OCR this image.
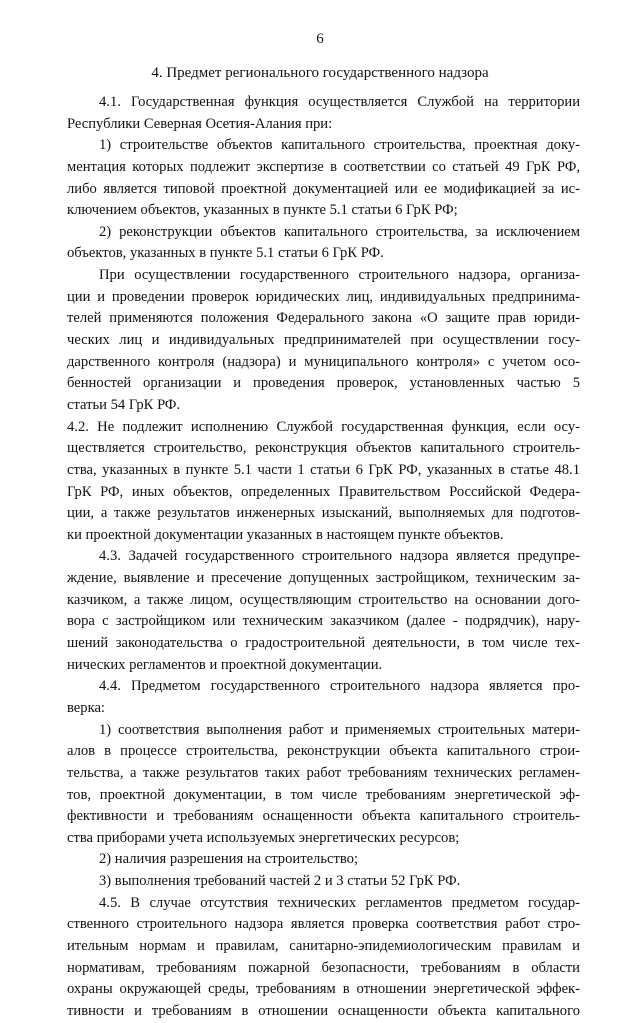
6
4. Предмет регионального государственного надзора
4.1. Государственная функция осуществляется Службой на территории
Республики Северная Осетия-Алания при:
1) строительстве объектов капитального строительства, проектная доку-
ментация которых подлежит экспертизе в соответствии со статьей 49 ГрК РФ,
либо является типовой проектной документацией или ее модификацией за ис-
ключением объектов, указанных в пункте 5.1 статьи 6 ГрК РФ;
2) реконструкции объектов капитального строительства, за исключением
объектов, указанных в пункте 5.1 статьи 6 ГрК РФ.
При осуществлении государственного строительного надзора, организа-
ции и проведении проверок юридических лиц, индивидуальных предпринима-
телей применяются положения Федерального закона «О защите прав юриди-
ческих лиц и индивидуальных предпринимателей при осуществлении госу-
дарственного контроля (надзора) и муниципального контроля» с учетом осо-
бенностей организации и проведения проверок, установленных частью 5
статьи 54 ГрК РФ.
4.2. Не подлежит исполнению Службой государственная функция, если осу-
ществляется строительство, реконструкция объектов капитального строитель-
ства, указанных в пункте 5.1 части 1 статьи 6 ГрК РФ, указанных в статье 48.1
ГрК РФ, иных объектов, определенных Правительством Российской Федера-
ции, а также результатов инженерных изысканий, выполняемых для подготов-
ки проектной документации указанных в настоящем пункте объектов.
4.3. Задачей государственного строительного надзора является предупре-
ждение, выявление и пресечение допущенных застройщиком, техническим за-
казчиком, а также лицом, осуществляющим строительство на основании дого-
вора с застройщиком или техническим заказчиком (далее - подрядчик), нару-
шений законодательства о градостроительной деятельности, в том числе тех-
нических регламентов и проектной документации.
4.4. Предметом государственного строительного надзора является про-
верка:
1) соответствия выполнения работ и применяемых строительных матери-
алов в процессе строительства, реконструкции объекта капитального строи-
тельства, а также результатов таких работ требованиям технических регламен-
тов, проектной документации, в том числе требованиям энергетической эф-
фективности и требованиям оснащенности объекта капитального строитель-
ства приборами учета используемых энергетических ресурсов;
2) наличия разрешения на строительство;
3) выполнения требований частей 2 и 3 статьи 52 ГрК РФ.
4.5. В случае отсутствия технических регламентов предметом государ-
ственного строительного надзора является проверка соответствия работ стро-
ительным нормам и правилам, санитарно-эпидемиологическим правилам и
нормативам, требованиям пожарной безопасности, требованиям в области
охраны окружающей среды, требованиям в отношении энергетической эффек-
тивности и требованиям в отношении оснащенности объекта капитального
